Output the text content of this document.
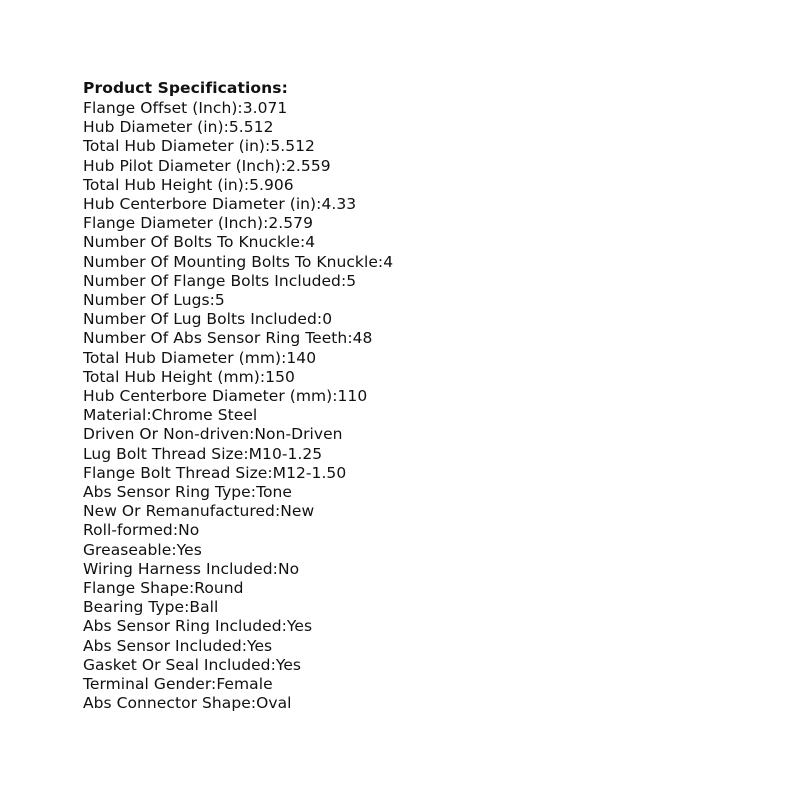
Product Specifications:
Flange Offset (Inch):3.071
Hub Diameter (in):5.512
Total Hub Diameter (in):5.512
Hub Pilot Diameter (Inch):2.559
Total Hub Height (in):5.906
Hub Centerbore Diameter (in):4.33
Flange Diameter (Inch):2.579
Number Of Bolts To Knuckle:4
Number Of Mounting Bolts To Knuckle:4
Number Of Flange Bolts Included:5
Number Of Lugs:5
Number Of Lug Bolts Included:0
Number Of Abs Sensor Ring Teeth:48
Total Hub Diameter (mm):140
Total Hub Height (mm):150
Hub Centerbore Diameter (mm):110
Material:Chrome Steel
Driven Or Non-driven:Non-Driven
Lug Bolt Thread Size:M10-1.25
Flange Bolt Thread Size:M12-1.50
Abs Sensor Ring Type:Tone
New Or Remanufactured:New
Roll-formed:No
Greaseable:Yes
Wiring Harness Included:No
Flange Shape:Round
Bearing Type:Ball
Abs Sensor Ring Included:Yes
Abs Sensor Included:Yes
Gasket Or Seal Included:Yes
Terminal Gender:Female
Abs Connector Shape:Oval
